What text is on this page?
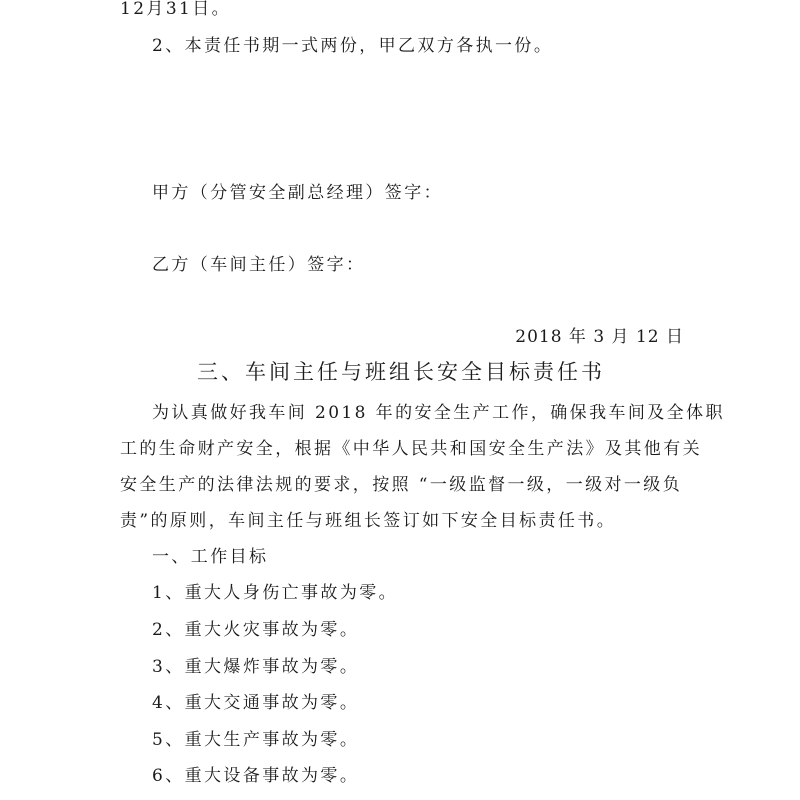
12月31日。
2、本责任书期一式两份，甲乙双方各执一份。
甲方（分管安全副总经理）签字：
乙方（车间主任）签字：
2018 年 3 月 12 日
三、车间主任与班组长安全目标责任书
为认真做好我车间 2018 年的安全生产工作，确保我车间及全体职
工的生命财产安全，根据《中华人民共和国安全生产法》及其他有关
安全生产的法律法规的要求，按照 “一级监督一级，一级对一级负
责”的原则，车间主任与班组长签订如下安全目标责任书。
一、工作目标
1、重大人身伤亡事故为零。
2、重大火灾事故为零。
3、重大爆炸事故为零。
4、重大交通事故为零。
5、重大生产事故为零。
6、重大设备事故为零。
